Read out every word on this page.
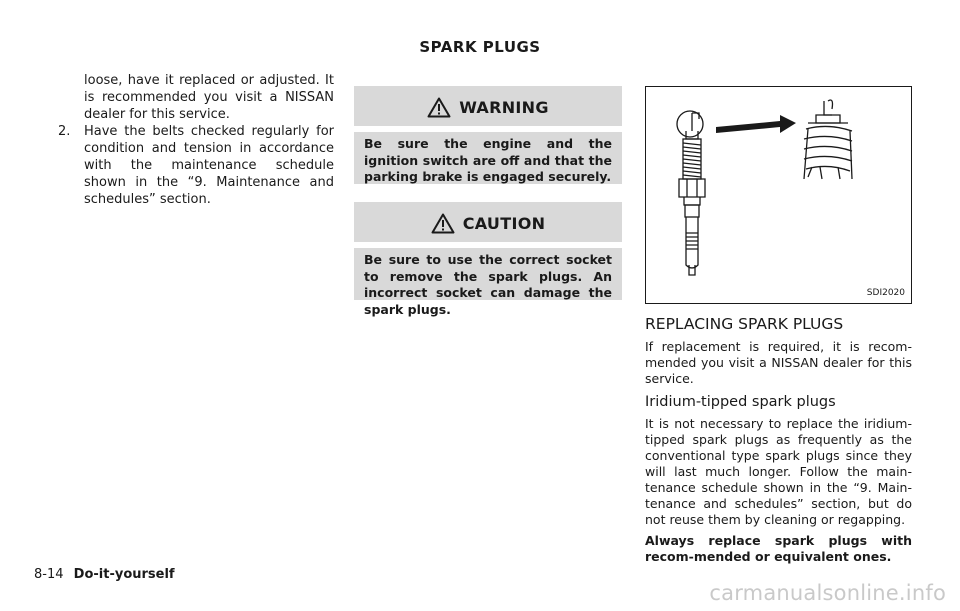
SPARK PLUGS

loose, have it replaced or adjusted. It is recommended you visit a NISSAN dealer for this service.

2. Have the belts checked regularly for condition and tension in accordance with the maintenance schedule shown in the “9. Maintenance and schedules” section.

WARNING

Be sure the engine and the ignition switch are off and that the parking brake is engaged securely.

CAUTION

Be sure to use the correct socket to remove the spark plugs. An incorrect socket can damage the spark plugs.

SDI2020
REPLACING SPARK PLUGS

If replacement is required, it is recom-mended you visit a NISSAN dealer for this service.

Iridium-tipped spark plugs

It is not necessary to replace the iridium-tipped spark plugs as frequently as the conventional type spark plugs since they will last much longer. Follow the main-tenance schedule shown in the “9. Main-tenance and schedules” section, but do not reuse them by cleaning or regapping.

Always replace spark plugs with recom-mended or equivalent ones.

8-14 Do-it-yourself
carmanualsonline.info
